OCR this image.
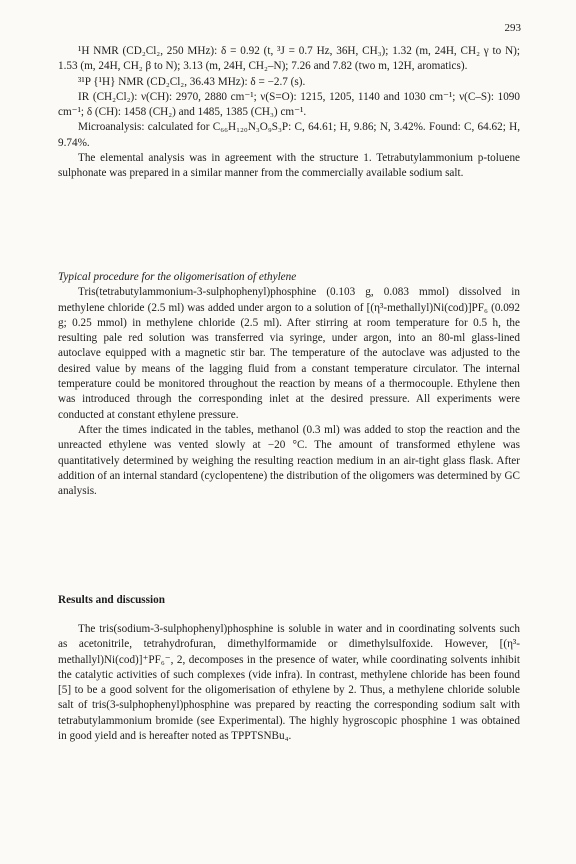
293

¹H NMR (CD₂Cl₂, 250 MHz): δ = 0.92 (t, ³J = 0.7 Hz, 36H, CH₃); 1.32 (m, 24H, CH₂ γ to N); 1.53 (m, 24H, CH₂ β to N); 3.13 (m, 24H, CH₂–N); 7.26 and 7.82 (two m, 12H, aromatics).

³¹P {¹H} NMR (CD₂Cl₂, 36.43 MHz): δ = −2.7 (s).

IR (CH₂Cl₂): ν(CH): 2970, 2880 cm⁻¹; ν(S=O): 1215, 1205, 1140 and 1030 cm⁻¹; ν(C–S): 1090 cm⁻¹; δ (CH): 1458 (CH₂) and 1485, 1385 (CH₃) cm⁻¹.

Microanalysis: calculated for C₆₆H₁₂₀N₃O₉S₃P: C, 64.61; H, 9.86; N, 3.42%. Found: C, 64.62; H, 9.74%.

The elemental analysis was in agreement with the structure 1. Tetrabutylammonium p-toluene sulphonate was prepared in a similar manner from the commercially available sodium salt.

Typical procedure for the oligomerisation of ethylene

Tris(tetrabutylammonium-3-sulphophenyl)phosphine (0.103 g, 0.083 mmol) dissolved in methylene chloride (2.5 ml) was added under argon to a solution of [(η³-methallyl)Ni(cod)]PF₆ (0.092 g; 0.25 mmol) in methylene chloride (2.5 ml). After stirring at room temperature for 0.5 h, the resulting pale red solution was transferred via syringe, under argon, into an 80-ml glass-lined autoclave equipped with a magnetic stir bar. The temperature of the autoclave was adjusted to the desired value by means of the lagging fluid from a constant temperature circulator. The internal temperature could be monitored throughout the reaction by means of a thermocouple. Ethylene then was introduced through the corresponding inlet at the desired pressure. All experiments were conducted at constant ethylene pressure.

After the times indicated in the tables, methanol (0.3 ml) was added to stop the reaction and the unreacted ethylene was vented slowly at −20 °C. The amount of transformed ethylene was quantitatively determined by weighing the resulting reaction medium in an air-tight glass flask. After addition of an internal standard (cyclopentene) the distribution of the oligomers was determined by GC analysis.

Results and discussion

The tris(sodium-3-sulphophenyl)phosphine is soluble in water and in coordinating solvents such as acetonitrile, tetrahydrofuran, dimethylformamide or dimethylsulfoxide. However, [(η³-methallyl)Ni(cod)]⁺PF₆⁻, 2, decomposes in the presence of water, while coordinating solvents inhibit the catalytic activities of such complexes (vide infra). In contrast, methylene chloride has been found [5] to be a good solvent for the oligomerisation of ethylene by 2. Thus, a methylene chloride soluble salt of tris(3-sulphophenyl)phosphine was prepared by reacting the corresponding sodium salt with tetrabutylammonium bromide (see Experimental). The highly hygroscopic phosphine 1 was obtained in good yield and is hereafter noted as TPPTSNBu₄.
